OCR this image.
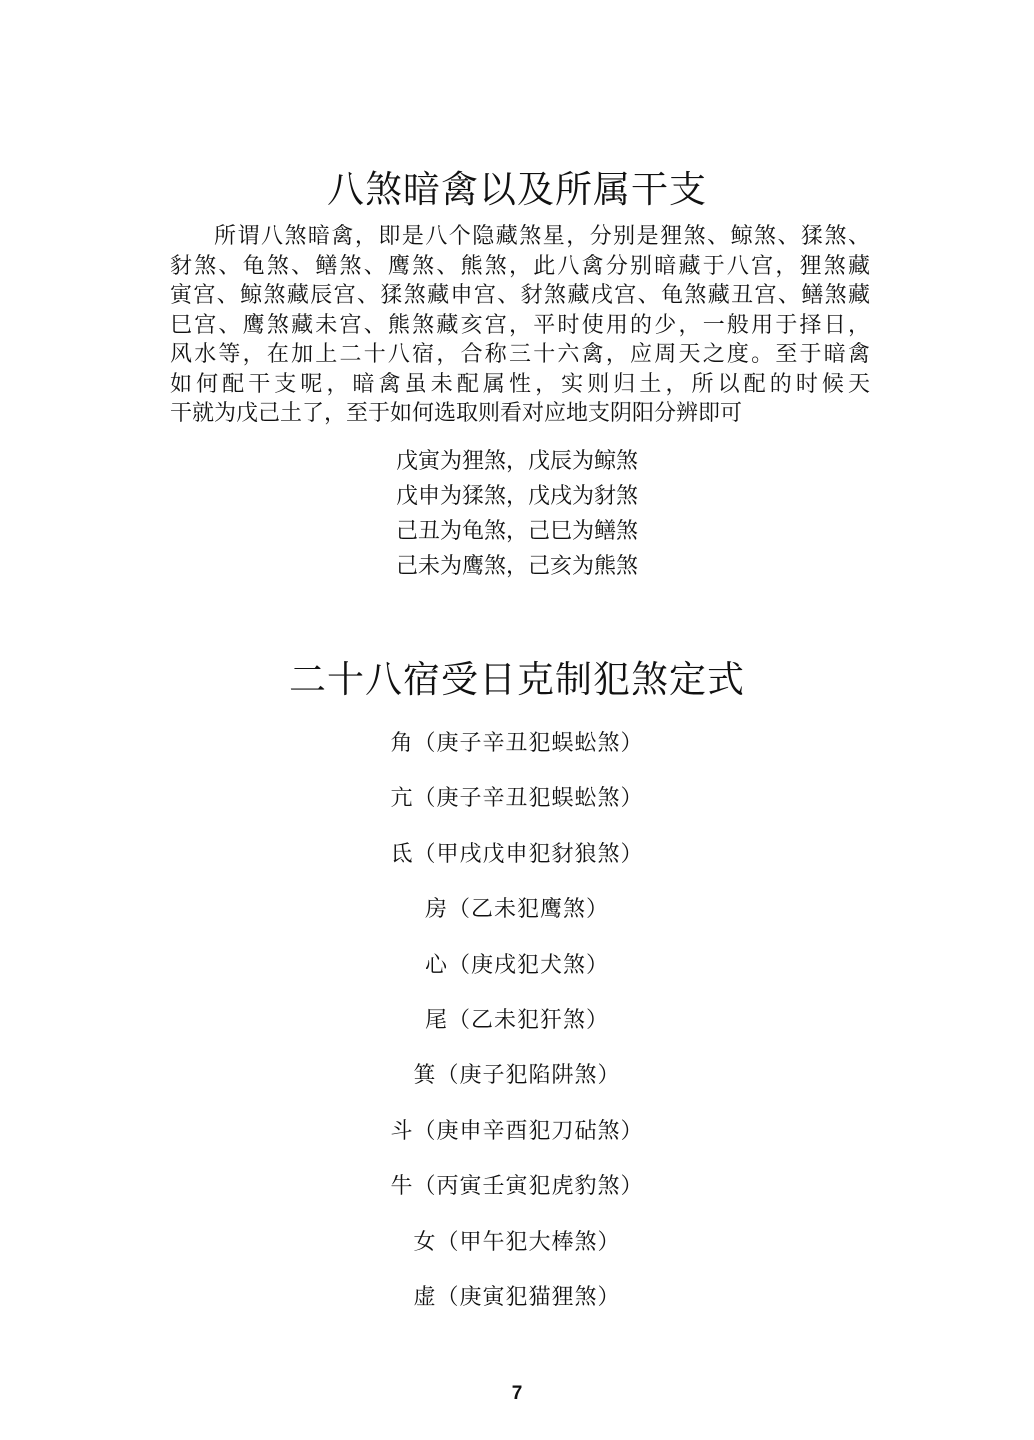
八煞暗禽以及所属干支

所谓八煞暗禽，即是八个隐藏煞星，分别是狸煞、鲸煞、猱煞、
豺煞、龟煞、鳝煞、鹰煞、熊煞，此八禽分别暗藏于八宫，狸煞藏
寅宫、鲸煞藏辰宫、猱煞藏申宫、豺煞藏戌宫、龟煞藏丑宫、鳝煞藏
巳宫、鹰煞藏未宫、熊煞藏亥宫，平时使用的少，一般用于择日，
风水等，在加上二十八宿，合称三十六禽，应周天之度。至于暗禽
如何配干支呢，暗禽虽未配属性，实则归土，所以配的时候天
干就为戊己土了，至于如何选取则看对应地支阴阳分辨即可

戊寅为狸煞，戊辰为鲸煞
戊申为猱煞，戊戌为豺煞
己丑为龟煞，己巳为鳝煞
己未为鹰煞，己亥为熊煞
二十八宿受日克制犯煞定式
角（庚子辛丑犯蜈蚣煞）
亢（庚子辛丑犯蜈蚣煞）
氐（甲戌戊申犯豺狼煞）
房（乙未犯鹰煞）
心（庚戌犯犬煞）
尾（乙未犯犴煞）
箕（庚子犯陷阱煞）
斗（庚申辛酉犯刀砧煞）
牛（丙寅壬寅犯虎豹煞）
女（甲午犯大棒煞）
虚（庚寅犯猫狸煞）
7
